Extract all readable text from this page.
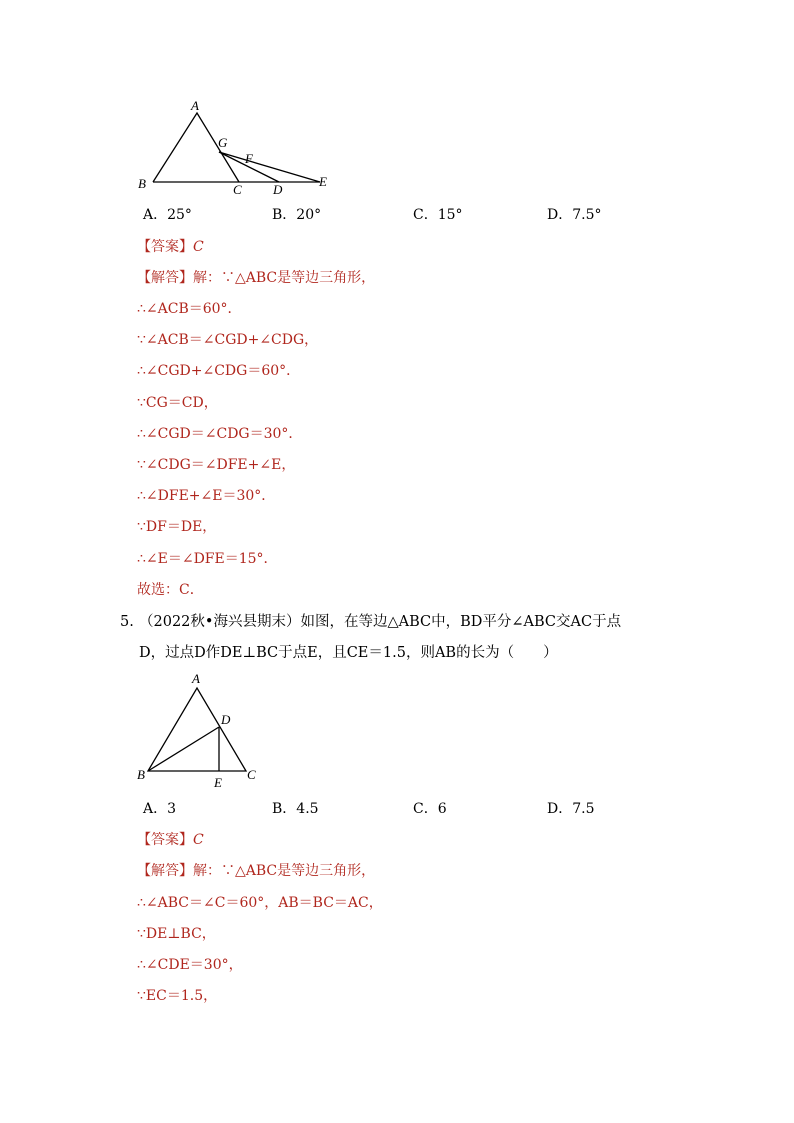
A
B	C D
E
F
G
A
B	C
D
E
A．25°	B．20°	C．15°	D．7.5°
【答案】C
【解答】解：∵△ABC是等边三角形，
∴∠ACB＝60°．
∵∠ACB＝∠CGD+∠CDG，
∴∠CGD+∠CDG＝60°．
∵CG＝CD，
∴∠CGD＝∠CDG＝30°．
∵∠CDG＝∠DFE+∠E，
∴∠DFE+∠E＝30°．
∵DF＝DE，
∴∠E＝∠DFE＝15°．
故选：C．
5. （2022秋•海兴县期末）如图，在等边△ABC中，BD平分∠ABC交AC于点
D，过点D作DE⊥BC于点E，且CE＝1.5，则AB的长为（　　）
A．3	B．4.5	C．6	D．7.5
【答案】C
【解答】解：∵△ABC是等边三角形，
∴∠ABC＝∠C＝60°，AB＝BC＝AC，
∵DE⊥BC，
∴∠CDE＝30°，
∵EC＝1.5，
